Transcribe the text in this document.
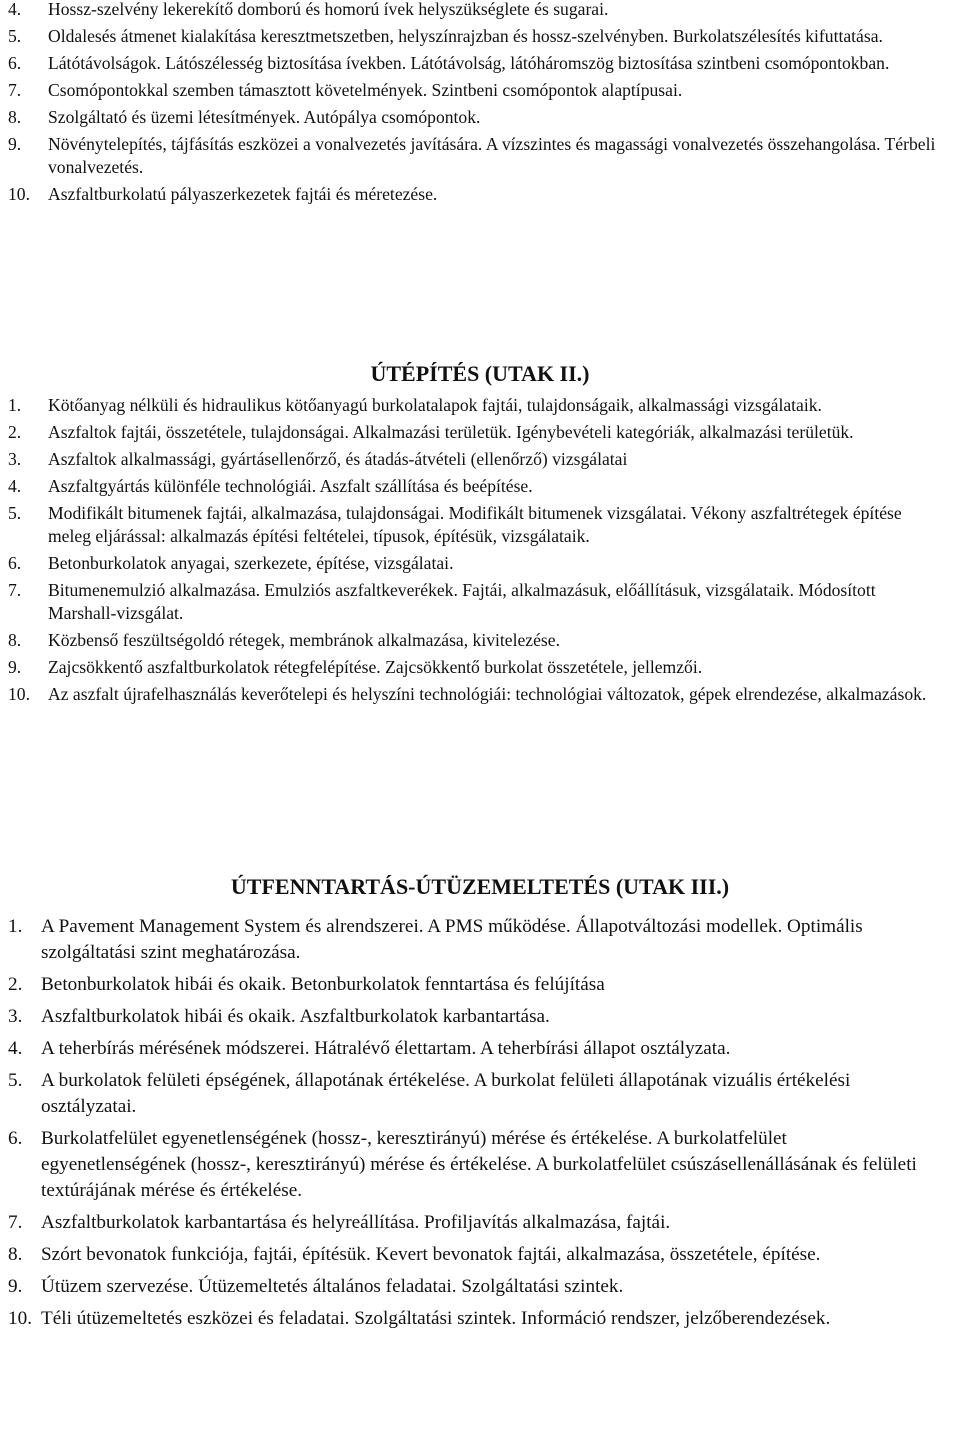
4. Hossz-szelvény lekerekítő domború és homorú ívek helyszükséglete és sugarai.
5. Oldalesés átmenet kialakítása keresztmetszetben, helyszínrajzban és hossz-szelvényben. Burkolatszélesítés kifuttatása.
6. Látótávolságok. Látószélesség biztosítása ívekben. Látótávolság, látóháromszög biztosítása szintbeni csomópontokban.
7. Csomópontokkal szemben támasztott követelmények. Szintbeni csomópontok alaptípusai.
8. Szolgáltató és üzemi létesítmények. Autópálya csomópontok.
9. Növénytelepítés, tájfásítás eszközei a vonalvezetés javítására. A vízszintes és magassági vonalvezetés összehangolása. Térbeli vonalvezetés.
10. Aszfaltburkolatú pályaszerkezetek fajtái és méretezése.
ÚTÉPÍTÉS (UTAK II.)
1. Kötőanyag nélküli és hidraulikus kötőanyagú burkolatalapok fajtái, tulajdonságaik, alkalmassági vizsgálataik.
2. Aszfaltok fajtái, összetétele, tulajdonságai. Alkalmazási területük. Igénybevételi kategóriák, alkalmazási területük.
3. Aszfaltok alkalmassági, gyártásellenőrző, és átadás-átvételi (ellenőrző) vizsgálatai
4. Aszfaltgyártás különféle technológiái. Aszfalt szállítása és beépítése.
5. Modifikált bitumenek fajtái, alkalmazása, tulajdonságai. Modifikált bitumenek vizsgálatai. Vékony aszfaltrétegek építése meleg eljárással: alkalmazás építési feltételei, típusok, építésük, vizsgálataik.
6. Betonburkolatok anyagai, szerkezete, építése, vizsgálatai.
7. Bitumenemulzió alkalmazása. Emulziós aszfaltkeverékek. Fajtái, alkalmazásuk, előállításuk, vizsgálataik. Módosított Marshall-vizsgálat.
8. Közbenső feszültségoldó rétegek, membránok alkalmazása, kivitelezése.
9. Zajcsökkentő aszfaltburkolatok rétegfelépítése. Zajcsökkentő burkolat összetétele, jellemzői.
10. Az aszfalt újrafelhasználás keverőtelepi és helyszíni technológiái: technológiai változatok, gépek elrendezése, alkalmazások.
ÚTFENNTARTÁS-ÚTÜZEMELTETÉS (UTAK III.)
1. A Pavement Management System és alrendszerei. A PMS működése. Állapotváltozási modellek. Optimális szolgáltatási szint meghatározása.
2. Betonburkolatok hibái és okaik. Betonburkolatok fenntartása és felújítása
3. Aszfaltburkolatok hibái és okaik. Aszfaltburkolatok karbantartása.
4. A teherbírás mérésének módszerei. Hátralévő élettartam. A teherbírási állapot osztályzata.
5. A burkolatok felületi épségének, állapotának értékelése. A burkolat felületi állapotának vizuális értékelési osztályzatai.
6. Burkolatfelület egyenetlenségének (hossz-, keresztirányú) mérése és értékelése. A burkolatfelület egyenetlenségének (hossz-, keresztirányú) mérése és értékelése. A burkolatfelület csúszásellenállásának és felületi textúrájának mérése és értékelése.
7. Aszfaltburkolatok karbantartása és helyreállítása. Profiljavítás alkalmazása, fajtái.
8. Szórt bevonatok funkciója, fajtái, építésük. Kevert bevonatok fajtái, alkalmazása, összetétele, építése.
9. Útüzem szervezése. Útüzemeltetés általános feladatai. Szolgáltatási szintek.
10. Téli útüzemeltetés eszközei és feladatai. Szolgáltatási szintek. Információ rendszer, jelzőberendezések.
